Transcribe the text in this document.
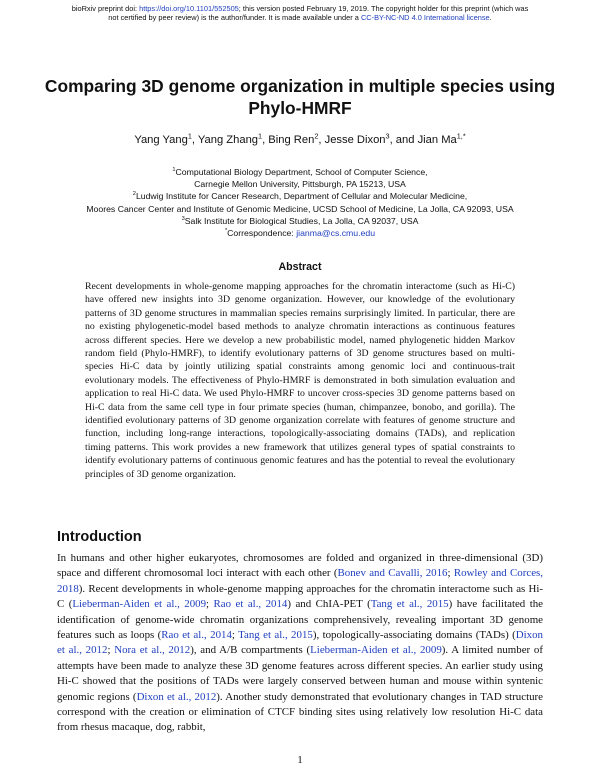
bioRxiv preprint doi: https://doi.org/10.1101/552505; this version posted February 19, 2019. The copyright holder for this preprint (which was
not certified by peer review) is the author/funder. It is made available under a CC-BY-NC-ND 4.0 International license.
Comparing 3D genome organization in multiple species using Phylo-HMRF
Yang Yang$^1$, Yang Zhang$^1$, Bing Ren$^2$, Jesse Dixon$^3$, and Jian $Ma^{1,*}$
$^1$Computational Biology Department, School of Computer Science,
Carnegie Mellon University, Pittsburgh, PA 15213, USA
$^2$Ludwig Institute for Cancer Research, Department of Cellular and Molecular Medicine,
Moores Cancer Center and Institute of Genomic Medicine, UCSD School of Medicine, La Jolla, CA 92093, USA
$^3$Salk Institute for Biological Studies, La Jolla, CA 92037, USA
*Correspondence: jianma@cs.cmu.edu
Abstract
Recent developments in whole-genome mapping approaches for the chromatin interactome (such as Hi-C) have offered new insights into 3D genome organization. However, our knowledge of the evolutionary patterns of 3D genome structures in mammalian species remains surprisingly limited. In particular, there are no existing phylogenetic-model based methods to analyze chromatin interactions as continuous features across different species. Here we develop a new probabilistic model, named phylogenetic hidden Markov random field (Phylo-HMRF), to identify evolutionary patterns of 3D genome structures based on multi-species Hi-C data by jointly utilizing spatial constraints among genomic loci and continuous-trait evolutionary models. The effectiveness of Phylo-HMRF is demonstrated in both simulation evaluation and application to real Hi-C data. We used Phylo-HMRF to uncover cross-species 3D genome patterns based on Hi-C data from the same cell type in four primate species (human, chimpanzee, bonobo, and gorilla). The identified evolutionary patterns of 3D genome organization correlate with features of genome structure and function, including long-range interactions, topologically-associating domains (TADs), and replication timing patterns. This work provides a new framework that utilizes general types of spatial constraints to identify evolutionary patterns of continuous genomic features and has the potential to reveal the evolutionary principles of 3D genome organization.
Introduction
In humans and other higher eukaryotes, chromosomes are folded and organized in three-dimensional (3D) space and different chromosomal loci interact with each other (Bonev and Cavalli, 2016; Rowley and Corces, 2018). Recent developments in whole-genome mapping approaches for the chromatin interactome such as Hi-C (Lieberman-Aiden et al., 2009; Rao et al., 2014) and ChIA-PET (Tang et al., 2015) have facilitated the identification of genome-wide chromatin organizations comprehensively, revealing important 3D genome features such as loops (Rao et al., 2014; Tang et al., 2015), topologically-associating domains (TADs) (Dixon et al., 2012; Nora et al., 2012), and A/B compartments (Lieberman-Aiden et al., 2009). A limited number of attempts have been made to analyze these 3D genome features across different species. An earlier study using Hi-C showed that the positions of TADs were largely conserved between human and mouse within syntenic genomic regions (Dixon et al., 2012). Another study demonstrated that evolutionary changes in TAD structure correspond with the creation or elimination of CTCF binding sites using relatively low resolution Hi-C data from rhesus macaque, dog, rabbit,
1
